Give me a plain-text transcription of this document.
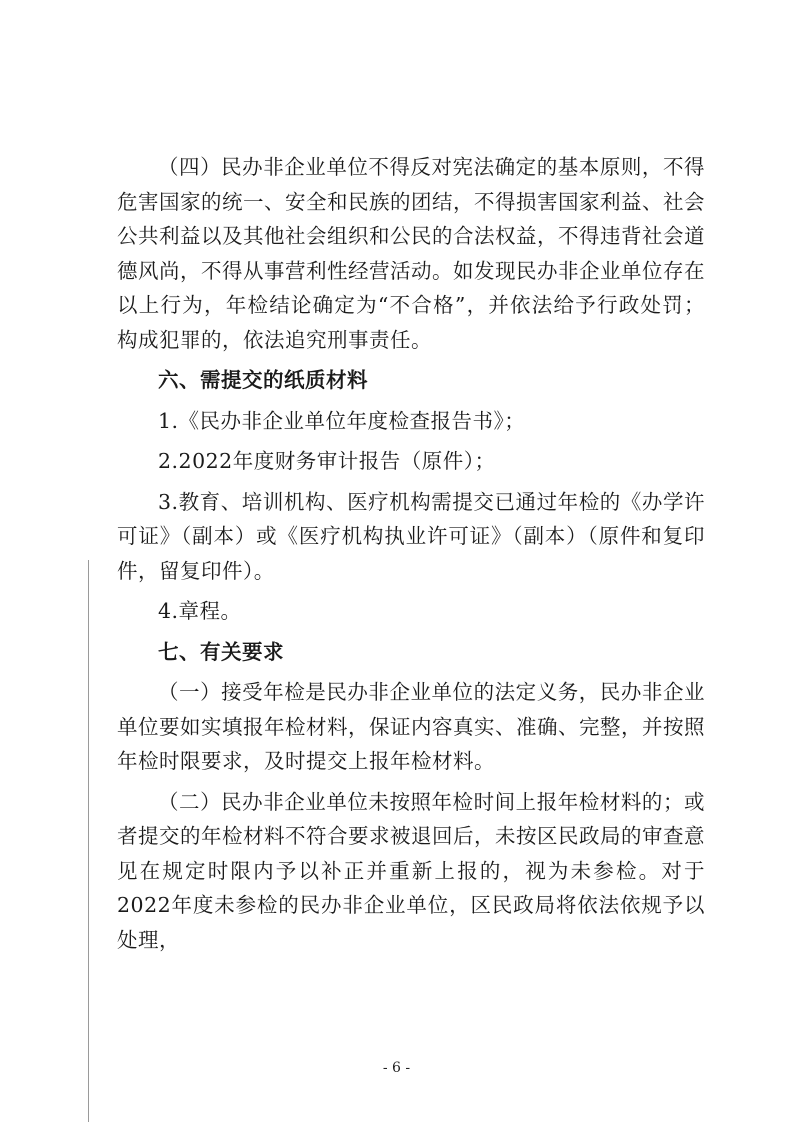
（四）民办非企业单位不得反对宪法确定的基本原则，不得危害国家的统一、安全和民族的团结，不得损害国家利益、社会公共利益以及其他社会组织和公民的合法权益，不得违背社会道德风尚，不得从事营利性经营活动。如发现民办非企业单位存在以上行为，年检结论确定为“不合格”，并依法给予行政处罚；构成犯罪的，依法追究刑事责任。

六、需提交的纸质材料

1.《民办非企业单位年度检查报告书》；

2.2022年度财务审计报告（原件）；

3.教育、培训机构、医疗机构需提交已通过年检的《办学许可证》（副本）或《医疗机构执业许可证》（副本）（原件和复印件，留复印件）。

4.章程。

七、有关要求

（一）接受年检是民办非企业单位的法定义务，民办非企业单位要如实填报年检材料，保证内容真实、准确、完整，并按照年检时限要求，及时提交上报年检材料。

（二）民办非企业单位未按照年检时间上报年检材料的；或者提交的年检材料不符合要求被退回后，未按区民政局的审查意见在规定时限内予以补正并重新上报的，视为未参检。对于2022年度未参检的民办非企业单位，区民政局将依法依规予以处理，

- 6 -
